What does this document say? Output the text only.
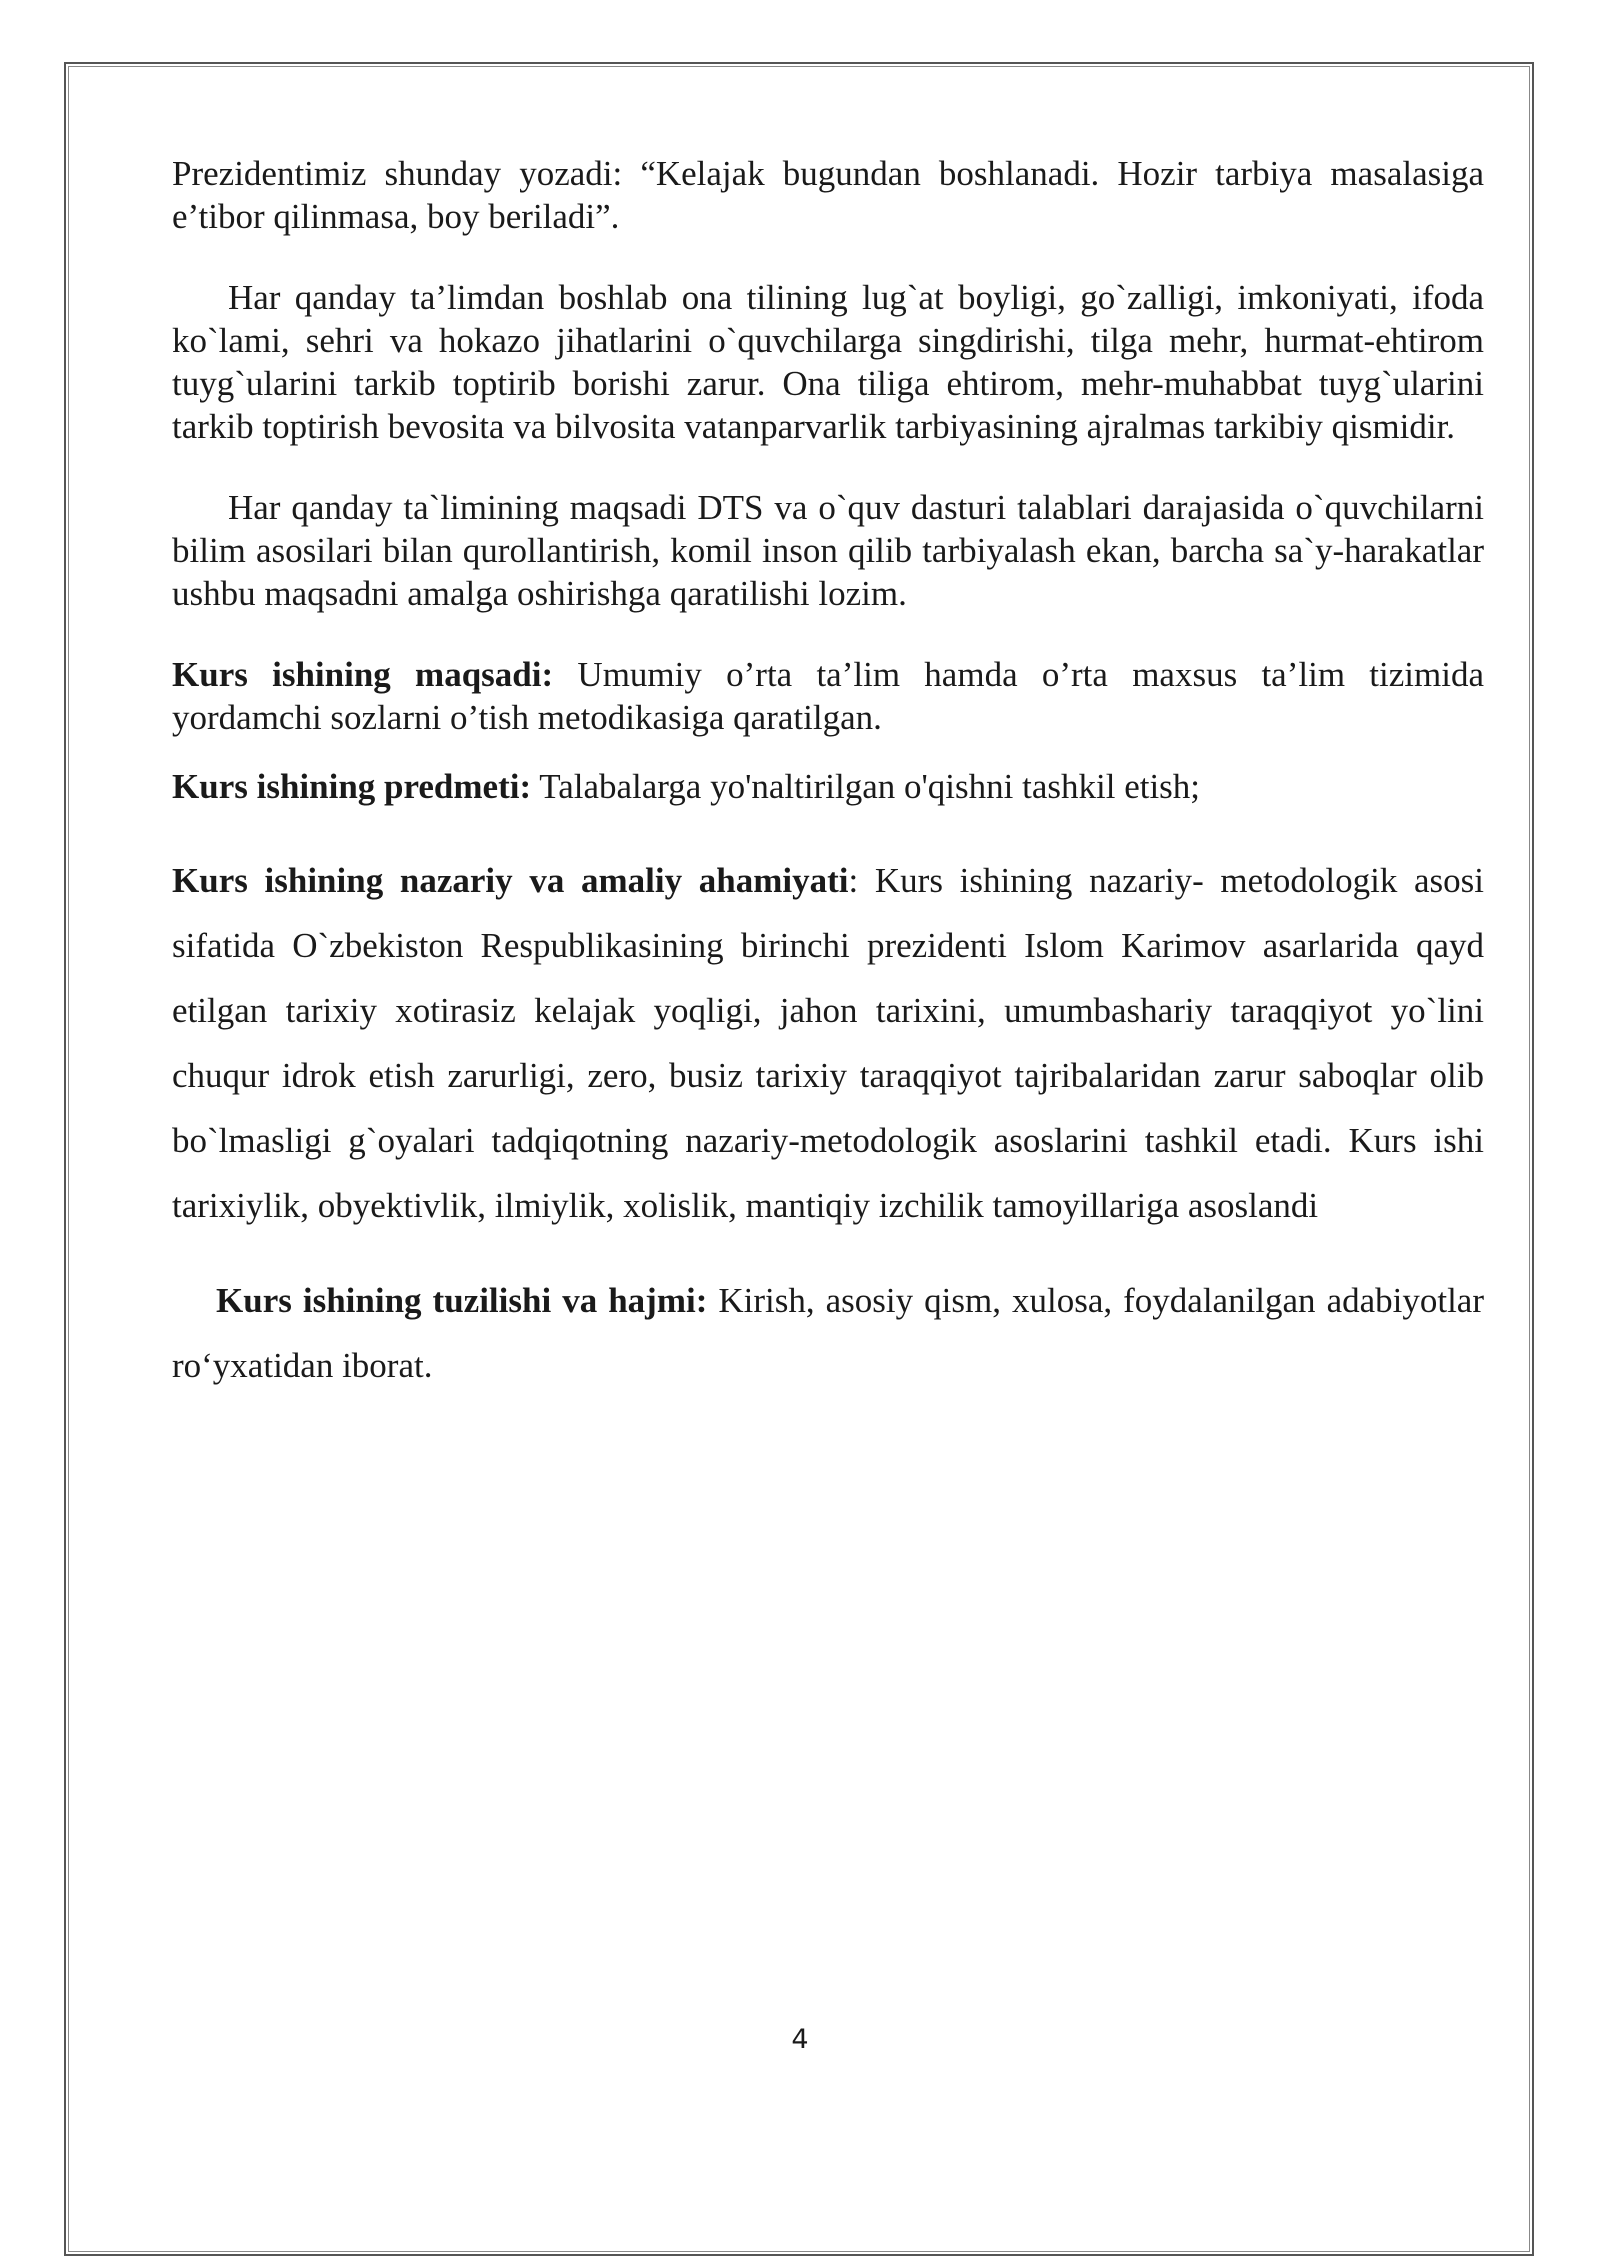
Prezidentimiz shunday yozadi: “Kelajak bugundan boshlanadi. Hozir tarbiya masalasiga e’tibor qilinmasa, boy beriladi”.

Har qanday ta’limdan boshlab ona tilining lug`at boyligi, go`zalligi, imkoniyati, ifoda ko`lami, sehri va hokazo jihatlarini o`quvchilarga singdirishi, tilga mehr, hurmat-ehtirom tuyg`ularini tarkib toptirib borishi zarur. Ona tiliga ehtirom, mehr-muhabbat tuyg`ularini tarkib toptirish bevosita va bilvosita vatanparvarlik tarbiyasining ajralmas tarkibiy qismidir.

Har qanday ta`limining maqsadi DTS va o`quv dasturi talablari darajasida o`quvchilarni bilim asosilari bilan qurollantirish, komil inson qilib tarbiyalash ekan, barcha sa`y-harakatlar ushbu maqsadni amalga oshirishga qaratilishi lozim.

Kurs ishining maqsadi: Umumiy o’rta ta’lim hamda o’rta maxsus ta’lim tizimida yordamchi sozlarni o’tish metodikasiga qaratilgan.

Kurs ishining predmeti: Talabalarga yo'naltirilgan o'qishni tashkil etish;

Kurs ishining nazariy va amaliy ahamiyati: Kurs ishining nazariy- metodologik asosi sifatida O`zbekiston Respublikasining birinchi prezidenti Islom Karimov asarlarida qayd etilgan tarixiy xotirasiz kelajak yoqligi, jahon tarixini, umumbashariy taraqqiyot yo`lini chuqur idrok etish zarurligi, zero, busiz tarixiy taraqqiyot tajribalaridan zarur saboqlar olib bo`lmasligi g`oyalari tadqiqotning nazariy-metodologik asoslarini tashkil etadi. Kurs ishi tarixiylik, obyektivlik, ilmiylik, xolislik, mantiqiy izchilik tamoyillariga asoslandi

Kurs ishining tuzilishi va hajmi: Kirish, asosiy qism, xulosa, foydalanilgan adabiyotlar ro‘yxatidan iborat.

4
